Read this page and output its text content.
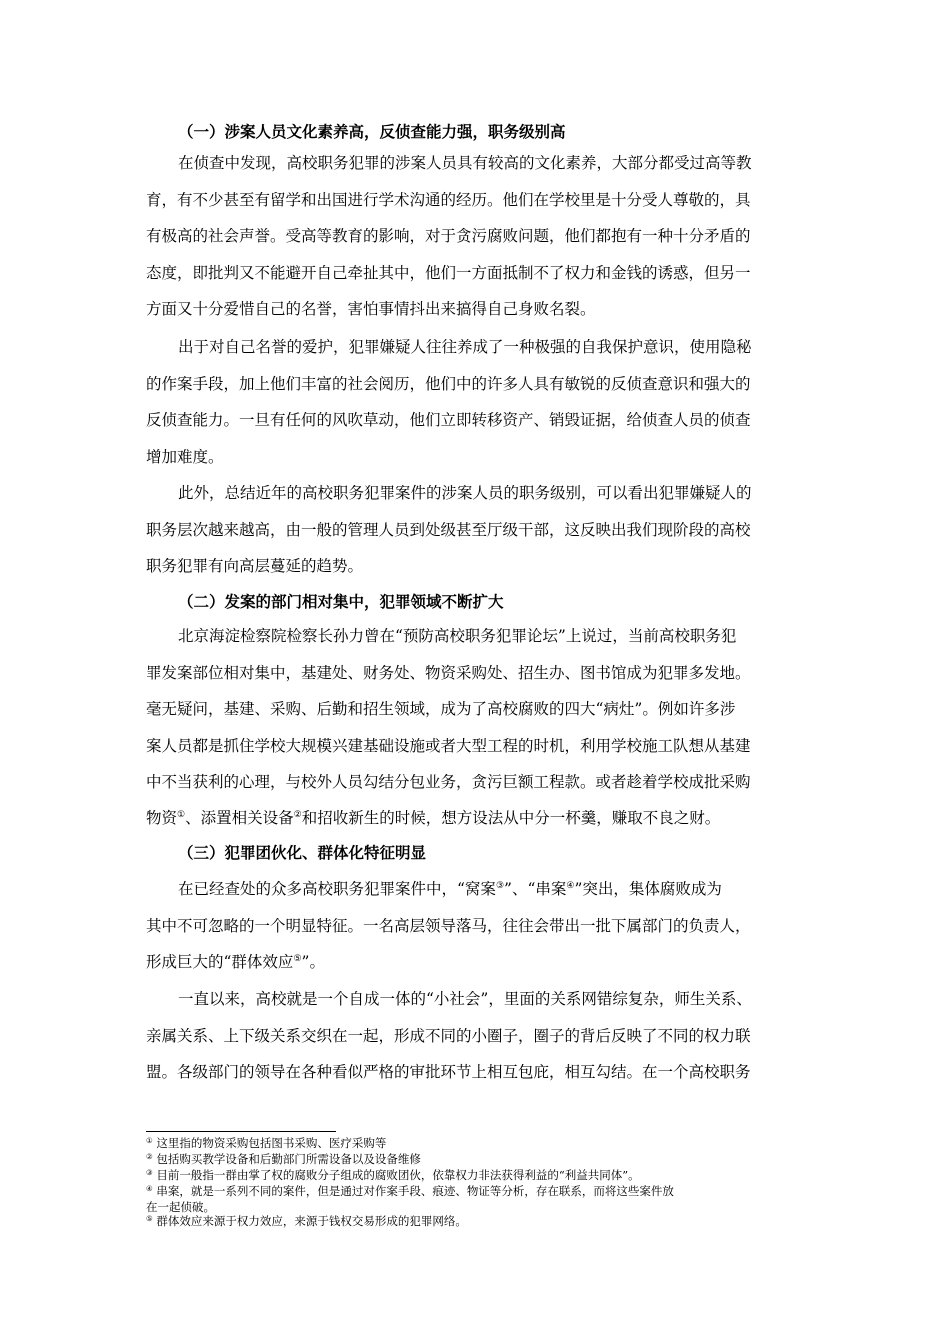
（一）涉案人员文化素养高，反侦查能力强，职务级别高
在侦查中发现，高校职务犯罪的涉案人员具有较高的文化素养，大部分都受过高等教
育，有不少甚至有留学和出国进行学术沟通的经历。他们在学校里是十分受人尊敬的，具
有极高的社会声誉。受高等教育的影响，对于贪污腐败问题，他们都抱有一种十分矛盾的
态度，即批判又不能避开自己牵扯其中，他们一方面抵制不了权力和金钱的诱惑，但另一
方面又十分爱惜自己的名誉，害怕事情抖出来搞得自己身败名裂。
出于对自己名誉的爱护，犯罪嫌疑人往往养成了一种极强的自我保护意识，使用隐秘
的作案手段，加上他们丰富的社会阅历，他们中的许多人具有敏锐的反侦查意识和强大的
反侦查能力。一旦有任何的风吹草动，他们立即转移资产、销毁证据，给侦查人员的侦查
增加难度。
此外，总结近年的高校职务犯罪案件的涉案人员的职务级别，可以看出犯罪嫌疑人的
职务层次越来越高，由一般的管理人员到处级甚至厅级干部，这反映出我们现阶段的高校
职务犯罪有向高层蔓延的趋势。
（二）发案的部门相对集中，犯罪领域不断扩大
北京海淀检察院检察长孙力曾在“预防高校职务犯罪论坛”上说过，当前高校职务犯
罪发案部位相对集中，基建处、财务处、物资采购处、招生办、图书馆成为犯罪多发地。
毫无疑问，基建、采购、后勤和招生领域，成为了高校腐败的四大“病灶”。例如许多涉
案人员都是抓住学校大规模兴建基础设施或者大型工程的时机，利用学校施工队想从基建
中不当获利的心理，与校外人员勾结分包业务，贪污巨额工程款。或者趁着学校成批采购
物资①、添置相关设备②和招收新生的时候，想方设法从中分一杯羹，赚取不良之财。
（三）犯罪团伙化、群体化特征明显
在已经查处的众多高校职务犯罪案件中，“窝案③”、“串案④”突出，集体腐败成为
其中不可忽略的一个明显特征。一名高层领导落马，往往会带出一批下属部门的负责人，
形成巨大的“群体效应⑤”。
一直以来，高校就是一个自成一体的“小社会”，里面的关系网错综复杂，师生关系、
亲属关系、上下级关系交织在一起，形成不同的小圈子，圈子的背后反映了不同的权力联
盟。各级部门的领导在各种看似严格的审批环节上相互包庇，相互勾结。在一个高校职务
① 这里指的物资采购包括图书采购、医疗采购等
② 包括购买教学设备和后勤部门所需设备以及设备维修
③ 目前一般指一群由掌了权的腐败分子组成的腐败团伙，依靠权力非法获得利益的“利益共同体”。
④ 串案，就是一系列不同的案件，但是通过对作案手段、痕迹、物证等分析，存在联系，而将这些案件放
在一起侦破。
⑤ 群体效应来源于权力效应，来源于钱权交易形成的犯罪网络。
